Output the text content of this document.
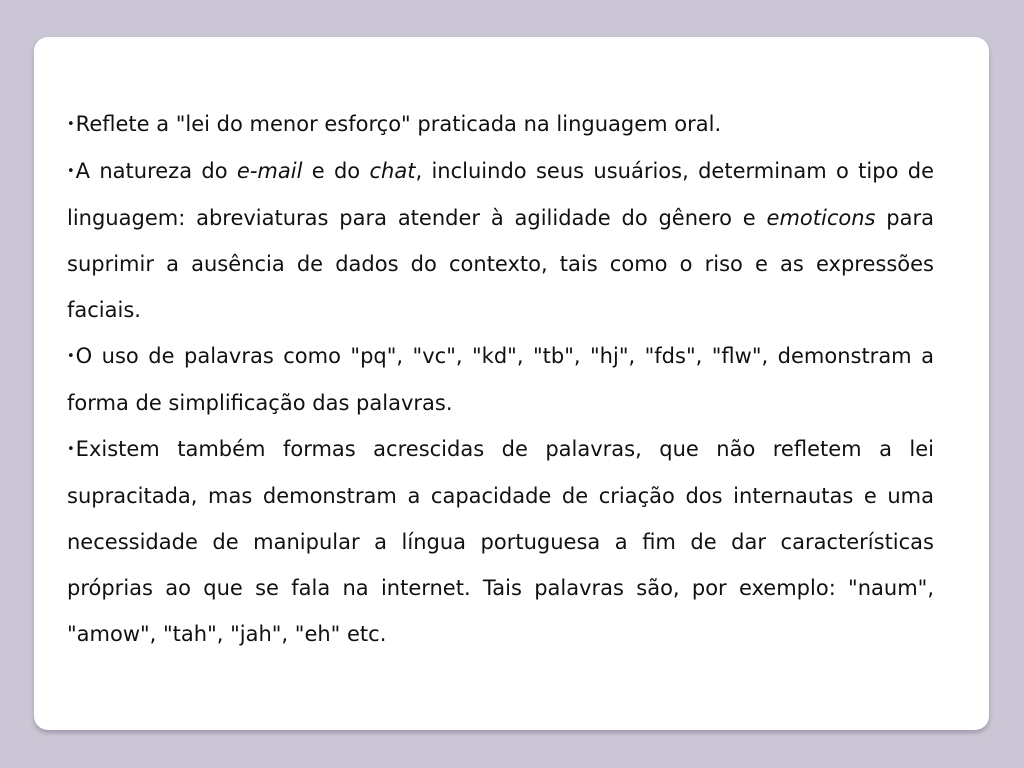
•Reflete a "lei do menor esforço" praticada na linguagem oral.
•A natureza do e-mail e do chat, incluindo seus usuários, determinam o tipo de linguagem: abreviaturas para atender à agilidade do gênero e emoticons para suprimir a ausência de dados do contexto, tais como o riso e as expressões faciais.
•O uso de palavras como "pq", "vc", "kd", "tb", "hj", "fds", "flw", demonstram a forma de simplificação das palavras.
•Existem também formas acrescidas de palavras, que não refletem a lei supracitada, mas demonstram a capacidade de criação dos internautas e uma necessidade de manipular a língua portuguesa a fim de dar características próprias ao que se fala na internet. Tais palavras são, por exemplo: "naum", "amow", "tah", "jah", "eh" etc.
